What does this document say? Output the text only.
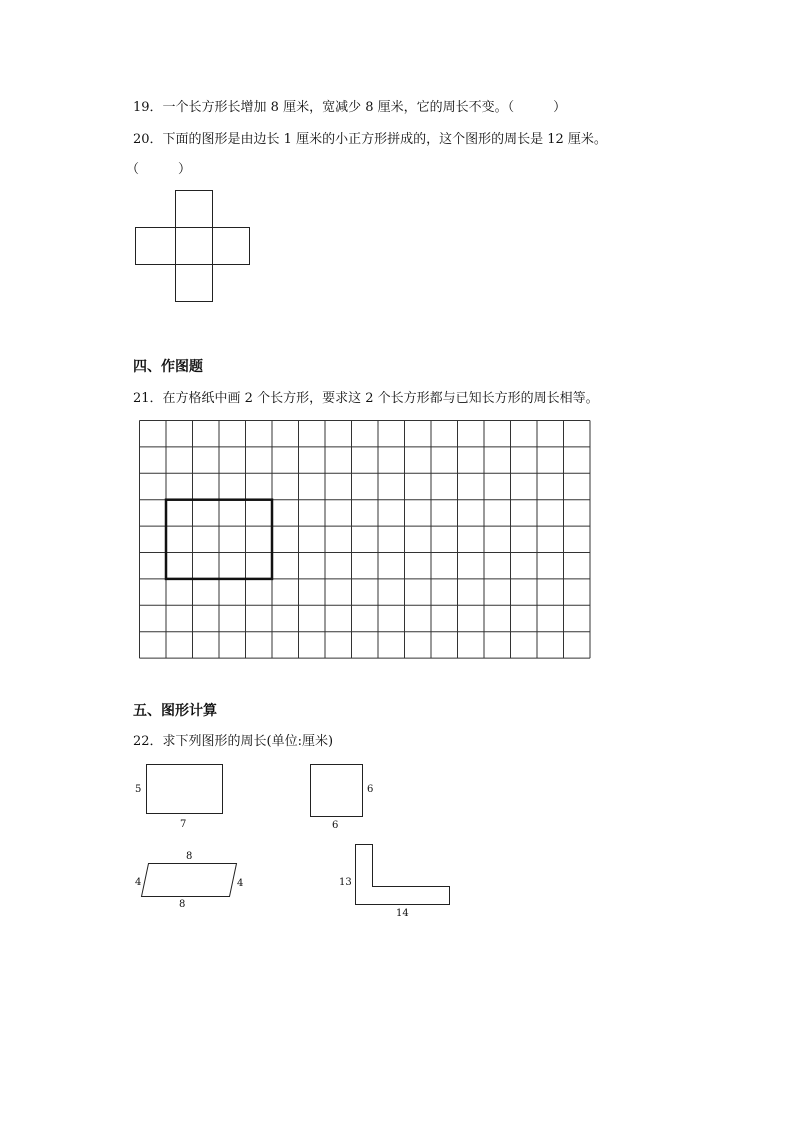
19．一个长方形长增加 8 厘米，宽减少 8 厘米，它的周长不变。（　　　）
20．下面的图形是由边长 1 厘米的小正方形拼成的，这个图形的周长是 12 厘米。
（　　　）
四、作图题
21．在方格纸中画 2 个长方形，要求这 2 个长方形都与已知长方形的周长相等。
五、图形计算
22．求下列图形的周长(单位:厘米)
5
7
6
6
8
4	4
8
13
14
